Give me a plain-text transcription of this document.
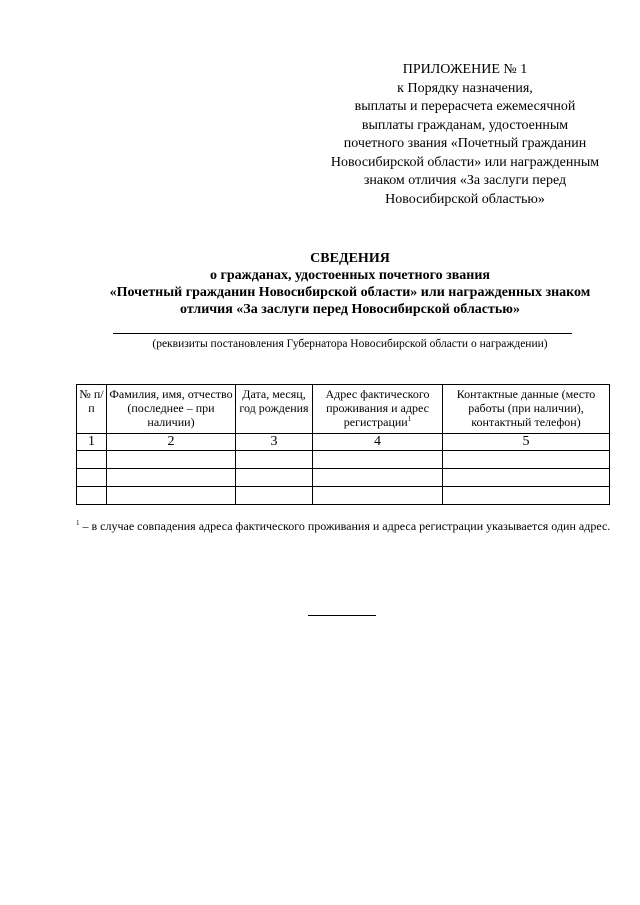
ПРИЛОЖЕНИЕ № 1
к Порядку назначения,
выплаты и перерасчета ежемесячной
выплаты гражданам, удостоенным
почетного звания «Почетный гражданин
Новосибирской области» или награжденным
знаком отличия «За заслуги перед
Новосибирской областью»
СВЕДЕНИЯ
о гражданах, удостоенных почетного звания
«Почетный гражданин Новосибирской области» или награжденных знаком
отличия «За заслуги перед Новосибирской областью»
(реквизиты постановления Губернатора Новосибирской области о награждении)
№ п/п	Фамилия, имя, отчество (последнее – при наличии)	Дата, месяц, год рождения	Адрес фактического проживания и адрес регистрации$^1$	Контактные данные (место работы (при наличии), контактный телефон)
1	2	3	4	5

$^1$ – в случае совпадения адреса фактического проживания и адреса регистрации указывается один адрес.
